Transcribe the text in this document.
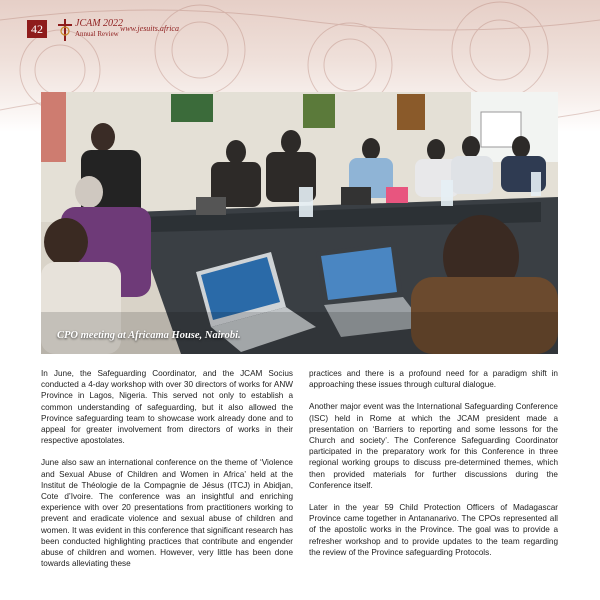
42	JCAM 2022
Annual Review
www.jesuits.africa
CPO meeting at Africama House, Nairobi.

In June, the Safeguarding Coordinator, and the JCAM Socius conducted a 4-day workshop with over 30 directors of works for ANW Province in Lagos, Nigeria. This served not only to establish a common understanding of safeguarding, but it also allowed the Province safeguarding team to showcase work already done and to appeal for greater involvement from directors of works in their respective apostolates.

June also saw an international conference on the theme of ‘Violence and Sexual Abuse of Children and Women in Africa’ held at the Institut de Théologie de la Compagnie de Jésus (ITCJ) in Abidjan, Cote d’Ivoire. The conference was an insightful and enriching experience with over 20 presentations from practitioners working to prevent and eradicate violence and sexual abuse of children and women. It was evident in this conference that significant research has been conducted highlighting practices that contribute and engender abuse of children and women. However, very little has been done towards alleviating these

practices and there is a profound need for a paradigm shift in approaching these issues through cultural dialogue.

Another major event was the International Safeguarding Conference (ISC) held in Rome at which the JCAM president made a presentation on ‘Barriers to reporting and some lessons for the Church and society’. The Conference Safeguarding Coordinator participated in the preparatory work for this Conference in three regional working groups to discuss pre-determined themes, which then provided materials for further discussions during the Conference itself.

Later in the year 59 Child Protection Officers of Madagascar Province came together in Antananarivo. The CPOs represented all of the apostolic works in the Province. The goal was to provide a refresher workshop and to provide updates to the team regarding the review of the Province safeguarding Protocols.
